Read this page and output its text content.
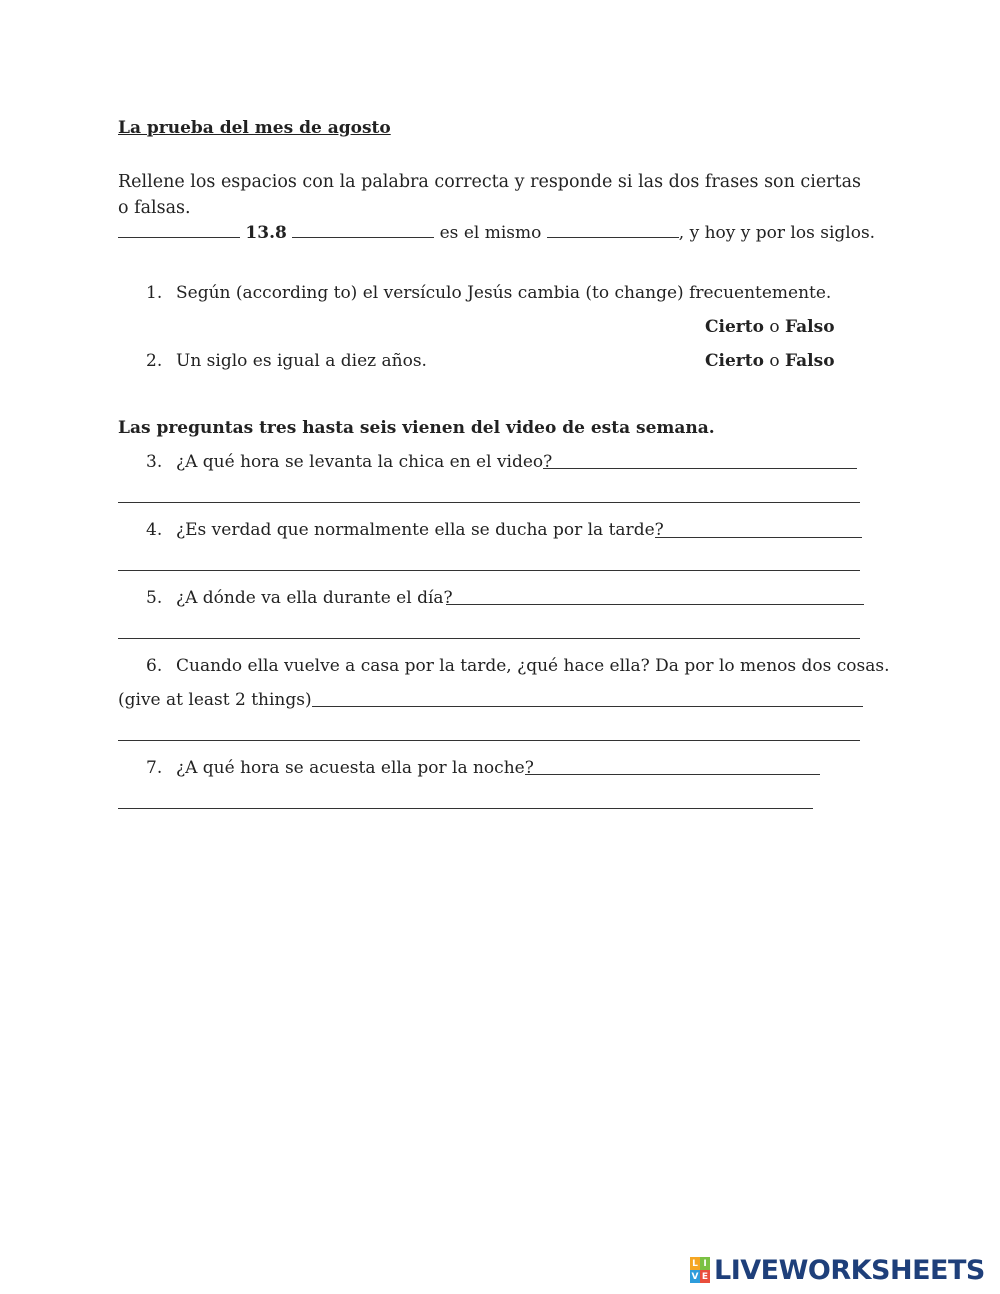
La prueba del mes de agosto
Rellene los espacios con la palabra correcta y responde si las dos frases son ciertas o falsas.
13.8	es el mismo	, y hoy y por los siglos.
1. Según (according to) el versículo Jesús cambia (to change) frecuentemente.
Cierto o Falso
2. Un siglo es igual a diez años.	Cierto o Falso
Las preguntas tres hasta seis vienen del video de esta semana.
3. ¿A qué hora se levanta la chica en el video?
4. ¿Es verdad que normalmente ella se ducha por la tarde?
5. ¿A dónde va ella durante el día?
6. Cuando ella vuelve a casa por la tarde, ¿qué hace ella? Da por lo menos dos cosas.
(give at least 2 things)
7. ¿A qué hora se acuesta ella por la noche?
L I
V E LIVEWORKSHEETS
